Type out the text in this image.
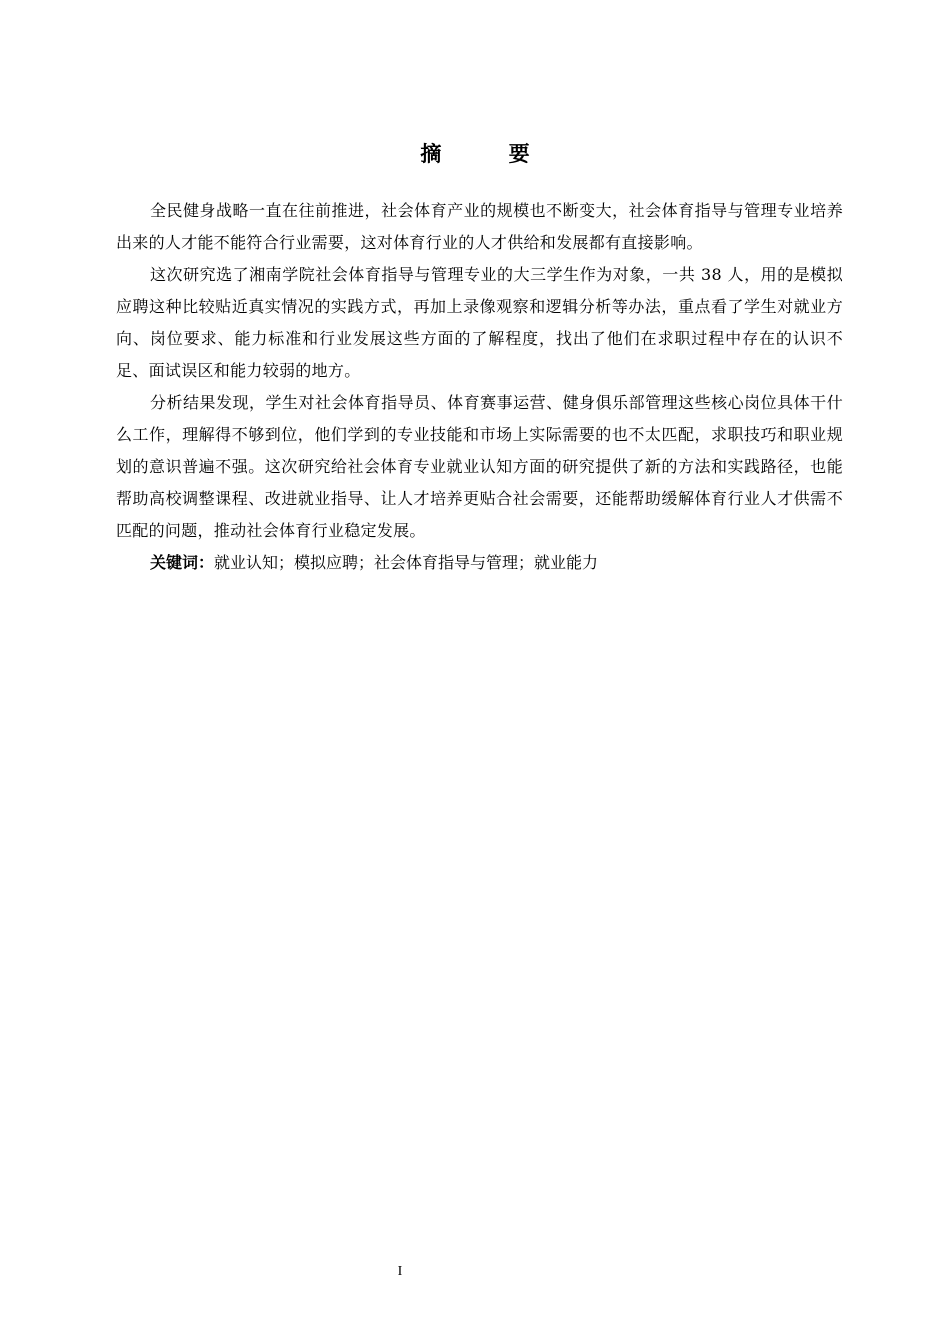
摘 要

全民健身战略一直在往前推进，社会体育产业的规模也不断变大，社会体育指导与管理专业培养出来的人才能不能符合行业需要，这对体育行业的人才供给和发展都有直接影响。

这次研究选了湘南学院社会体育指导与管理专业的大三学生作为对象，一共 38 人，用的是模拟应聘这种比较贴近真实情况的实践方式，再加上录像观察和逻辑分析等办法，重点看了学生对就业方向、岗位要求、能力标准和行业发展这些方面的了解程度，找出了他们在求职过程中存在的认识不足、面试误区和能力较弱的地方。

分析结果发现，学生对社会体育指导员、体育赛事运营、健身俱乐部管理这些核心岗位具体干什么工作，理解得不够到位，他们学到的专业技能和市场上实际需要的也不太匹配，求职技巧和职业规划的意识普遍不强。这次研究给社会体育专业就业认知方面的研究提供了新的方法和实践路径，也能帮助高校调整课程、改进就业指导、让人才培养更贴合社会需要，还能帮助缓解体育行业人才供需不匹配的问题，推动社会体育行业稳定发展。

关键词：就业认知；模拟应聘；社会体育指导与管理；就业能力

I
